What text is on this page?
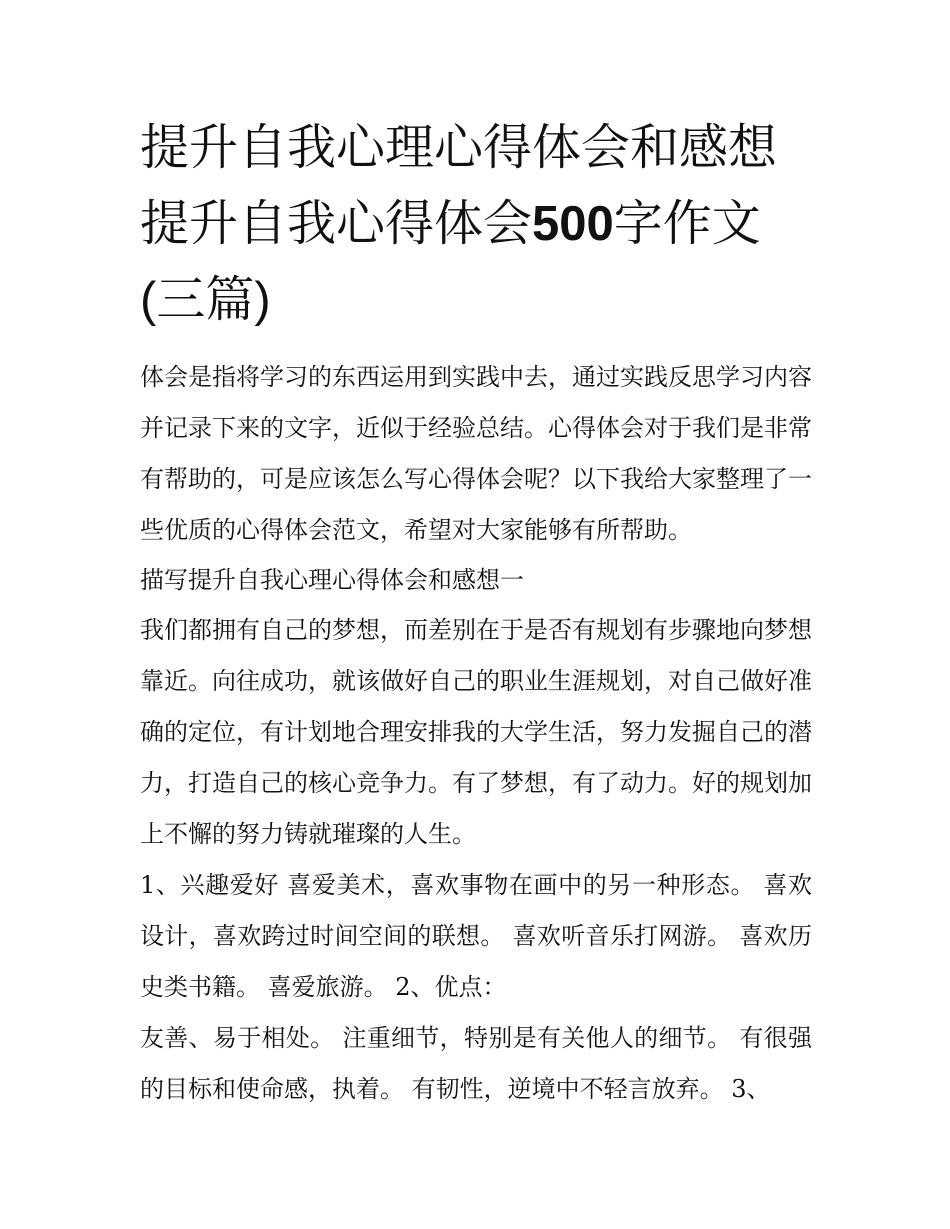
提升自我心理心得体会和感想
提升自我心得体会500字作文
(三篇)

体会是指将学习的东西运用到实践中去，通过实践反思学习内容并记录下来的文字，近似于经验总结。心得体会对于我们是非常有帮助的，可是应该怎么写心得体会呢？以下我给大家整理了一些优质的心得体会范文，希望对大家能够有所帮助。

描写提升自我心理心得体会和感想一

我们都拥有自己的梦想，而差别在于是否有规划有步骤地向梦想靠近。向往成功，就该做好自己的职业生涯规划，对自己做好准确的定位，有计划地合理安排我的大学生活，努力发掘自己的潜力，打造自己的核心竞争力。有了梦想，有了动力。好的规划加上不懈的努力铸就璀璨的人生。

1、兴趣爱好 喜爱美术，喜欢事物在画中的另一种形态。 喜欢设计，喜欢跨过时间空间的联想。 喜欢听音乐打网游。 喜欢历史类书籍。 喜爱旅游。 2、优点：

友善、易于相处。 注重细节，特别是有关他人的细节。 有很强的目标和使命感，执着。 有韧性，逆境中不轻言放弃。 3、
